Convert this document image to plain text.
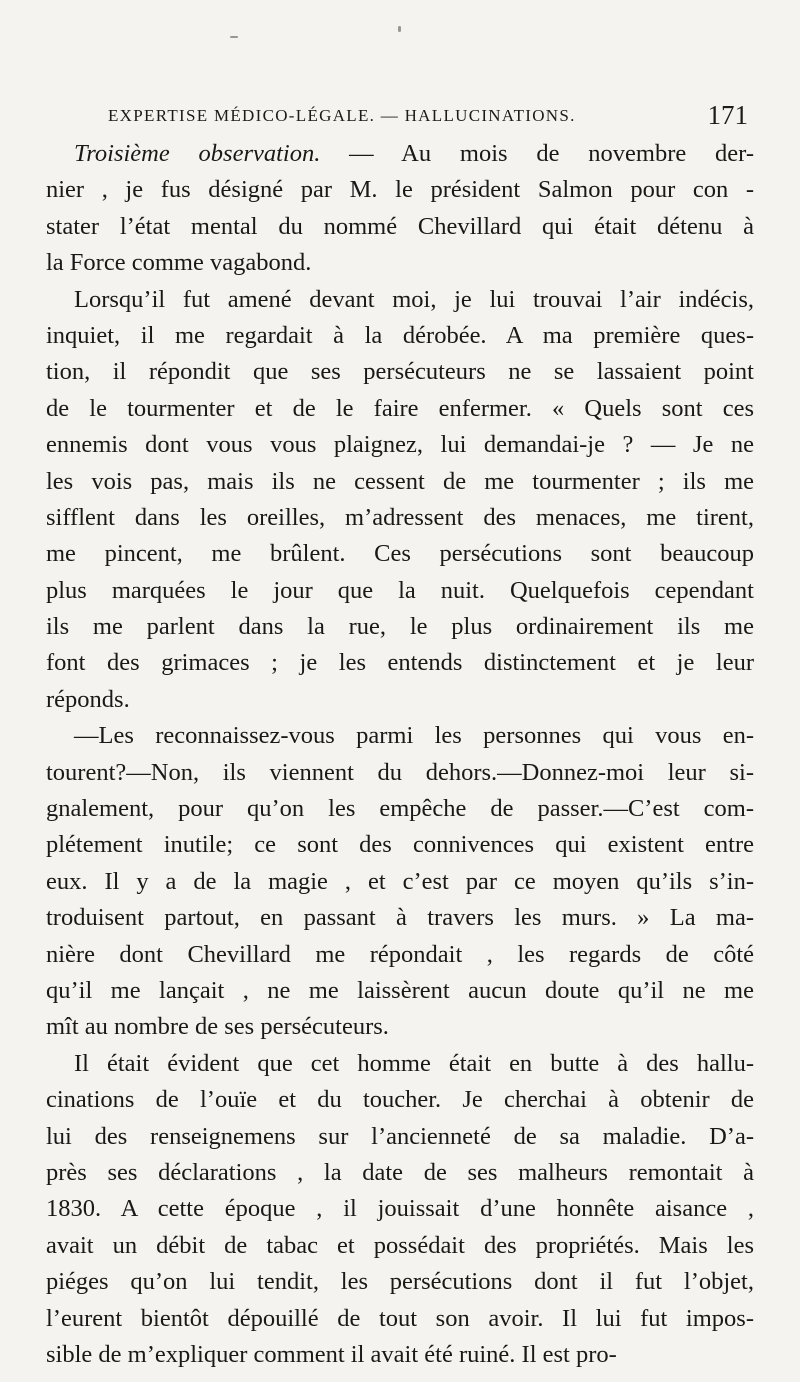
EXPERTISE MÉDICO-LÉGALE. — HALLUCINATIONS.	171
Troisième observation. — Au mois de novembre der-
nier , je fus désigné par M. le président Salmon pour con -
stater l’état mental du nommé Chevillard qui était détenu à
la Force comme vagabond.
Lorsqu’il fut amené devant moi, je lui trouvai l’air indécis,
inquiet, il me regardait à la dérobée. A ma première ques-
tion, il répondit que ses persécuteurs ne se lassaient point
de le tourmenter et de le faire enfermer. « Quels sont ces
ennemis dont vous vous plaignez, lui demandai-je ? — Je ne
les vois pas, mais ils ne cessent de me tourmenter ; ils me
sifflent dans les oreilles, m’adressent des menaces, me tirent,
me pincent, me brûlent. Ces persécutions sont beaucoup
plus marquées le jour que la nuit. Quelquefois cependant
ils me parlent dans la rue, le plus ordinairement ils me
font des grimaces ; je les entends distinctement et je leur
réponds.
—Les reconnaissez-vous parmi les personnes qui vous en-
tourent?—Non, ils viennent du dehors.—Donnez-moi leur si-
gnalement, pour qu’on les empêche de passer.—C’est com-
plétement inutile; ce sont des connivences qui existent entre
eux. Il y a de la magie , et c’est par ce moyen qu’ils s’in-
troduisent partout, en passant à travers les murs. » La ma-
nière dont Chevillard me répondait , les regards de côté
qu’il me lançait , ne me laissèrent aucun doute qu’il ne me
mît au nombre de ses persécuteurs.
Il était évident que cet homme était en butte à des hallu-
cinations de l’ouïe et du toucher. Je cherchai à obtenir de
lui des renseignemens sur l’ancienneté de sa maladie. D’a-
près ses déclarations , la date de ses malheurs remontait à
1830. A cette époque , il jouissait d’une honnête aisance ,
avait un débit de tabac et possédait des propriétés. Mais les
piéges qu’on lui tendit, les persécutions dont il fut l’objet,
l’eurent bientôt dépouillé de tout son avoir. Il lui fut impos-
sible de m’expliquer comment il avait été ruiné. Il est pro-
